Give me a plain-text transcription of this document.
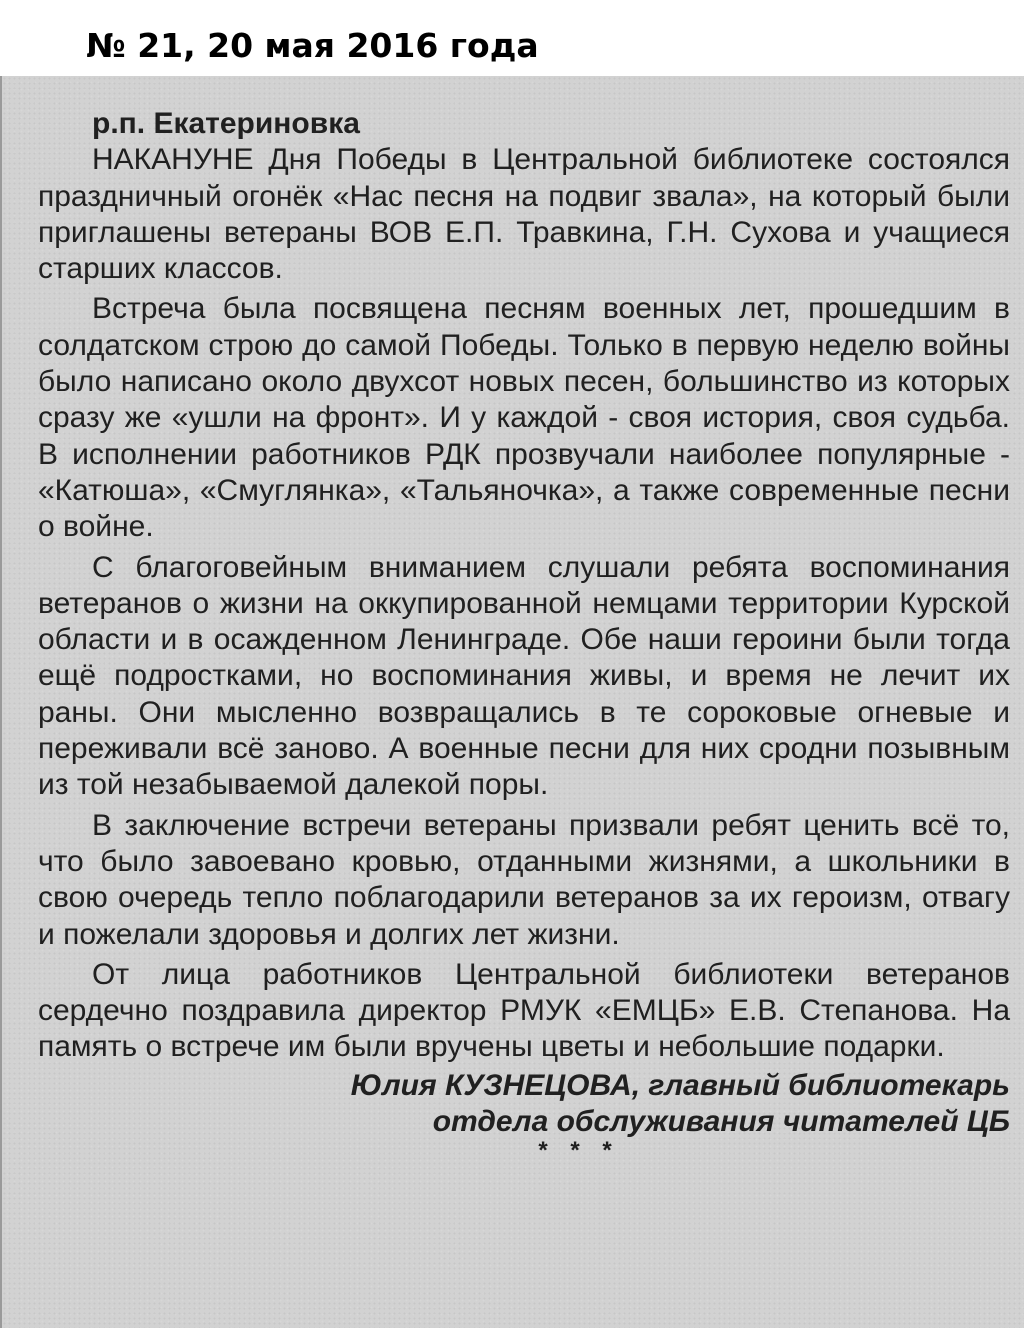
№ 21, 20 мая 2016 года
р.п. Екатериновка

НАКАНУНЕ Дня Победы в Центральной библиотеке состоялся праздничный огонёк «Нас песня на подвиг звала», на который были приглашены ветераны ВОВ Е.П. Травкина, Г.Н. Сухова и учащиеся старших классов.

Встреча была посвящена песням военных лет, прошедшим в солдатском строю до самой Победы. Только в первую неделю войны было написано около двухсот новых песен, большинство из которых сразу же «ушли на фронт». И у каждой - своя история, своя судьба. В исполнении работников РДК прозвучали наиболее популярные - «Катюша», «Смуглянка», «Тальяночка», а также современные песни о войне.

С благоговейным вниманием слушали ребята воспоминания ветеранов о жизни на оккупированной немцами территории Курской области и в осажденном Ленинграде. Обе наши героини были тогда ещё подростками, но воспоминания живы, и время не лечит их раны. Они мысленно возвращались в те сороковые огневые и переживали всё заново. А военные песни для них сродни позывным из той незабываемой далекой поры.

В заключение встречи ветераны призвали ребят ценить всё то, что было завоевано кровью, отданными жизнями, а школьники в свою очередь тепло поблагодарили ветеранов за их героизм, отвагу и пожелали здоровья и долгих лет жизни.

От лица работников Центральной библиотеки ветеранов сердечно поздравила директор РМУК «ЕМЦБ» Е.В. Степанова. На память о встрече им были вручены цветы и небольшие подарки.

Юлия КУЗНЕЦОВА, главный библиотекарь
отдела обслуживания читателей ЦБ
* * *
